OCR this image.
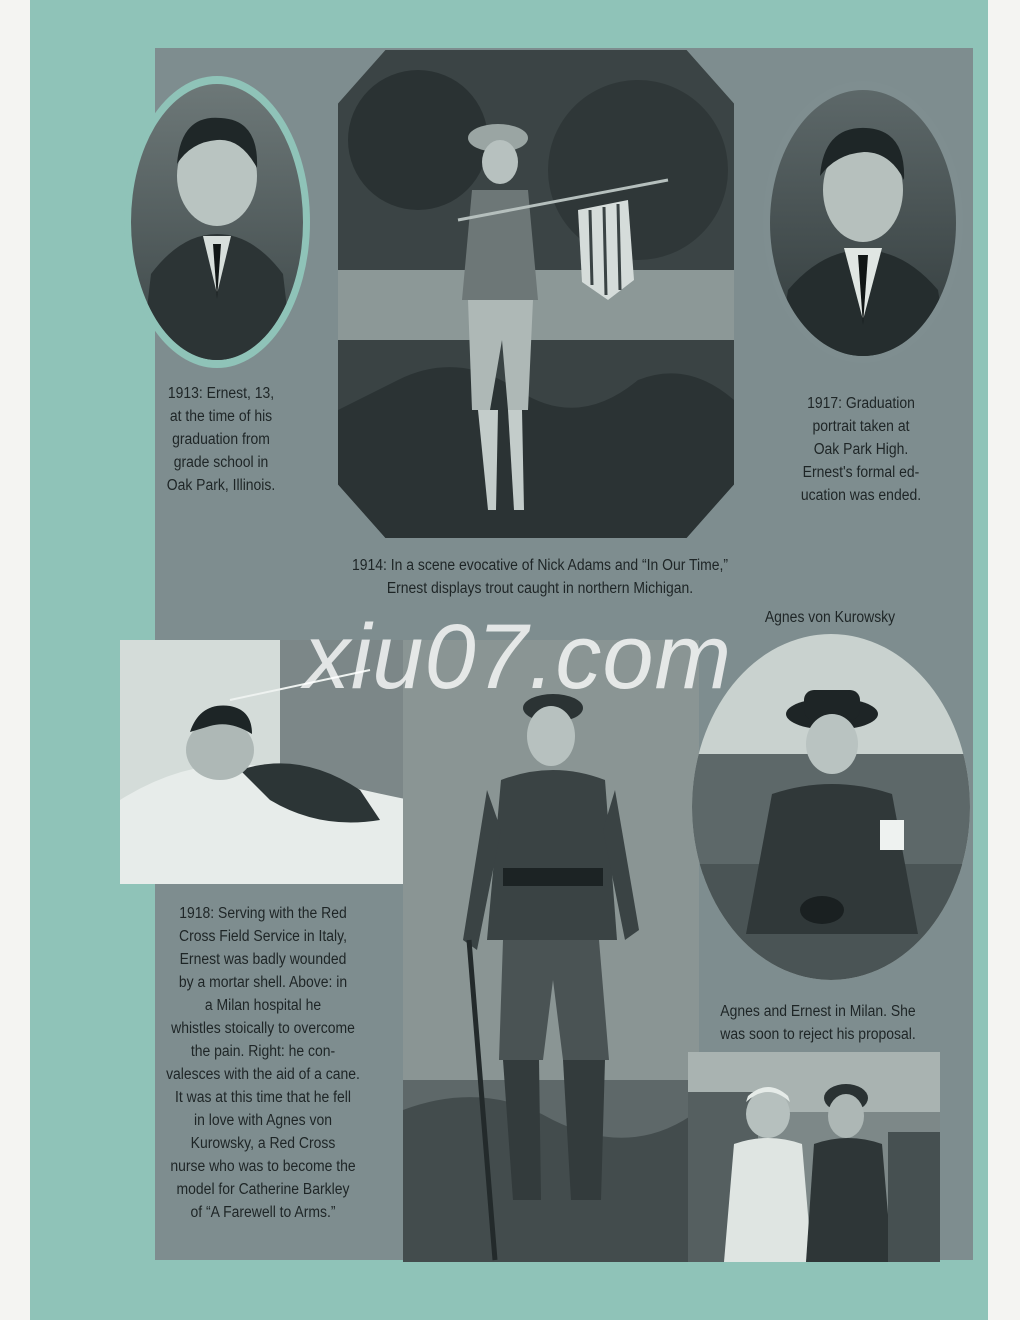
1913: Ernest, 13,
at the time of his
graduation from
grade school in
Oak Park, Illinois.
1917: Graduation
portrait taken at
Oak Park High.
Ernest's formal ed-
ucation was ended.
1914: In a scene evocative of Nick Adams and “In Our Time,”
Ernest displays trout caught in northern Michigan.
Agnes von Kurowsky
1918: Serving with the Red
Cross Field Service in Italy,
Ernest was badly wounded
by a mortar shell. Above: in
a Milan hospital he
whistles stoically to overcome
the pain. Right: he con-
valesces with the aid of a cane.
It was at this time that he fell
in love with Agnes von
Kurowsky, a Red Cross
nurse who was to become the
model for Catherine Barkley
of “A Farewell to Arms.”
Agnes and Ernest in Milan. She
was soon to reject his proposal.
xiu07.com
